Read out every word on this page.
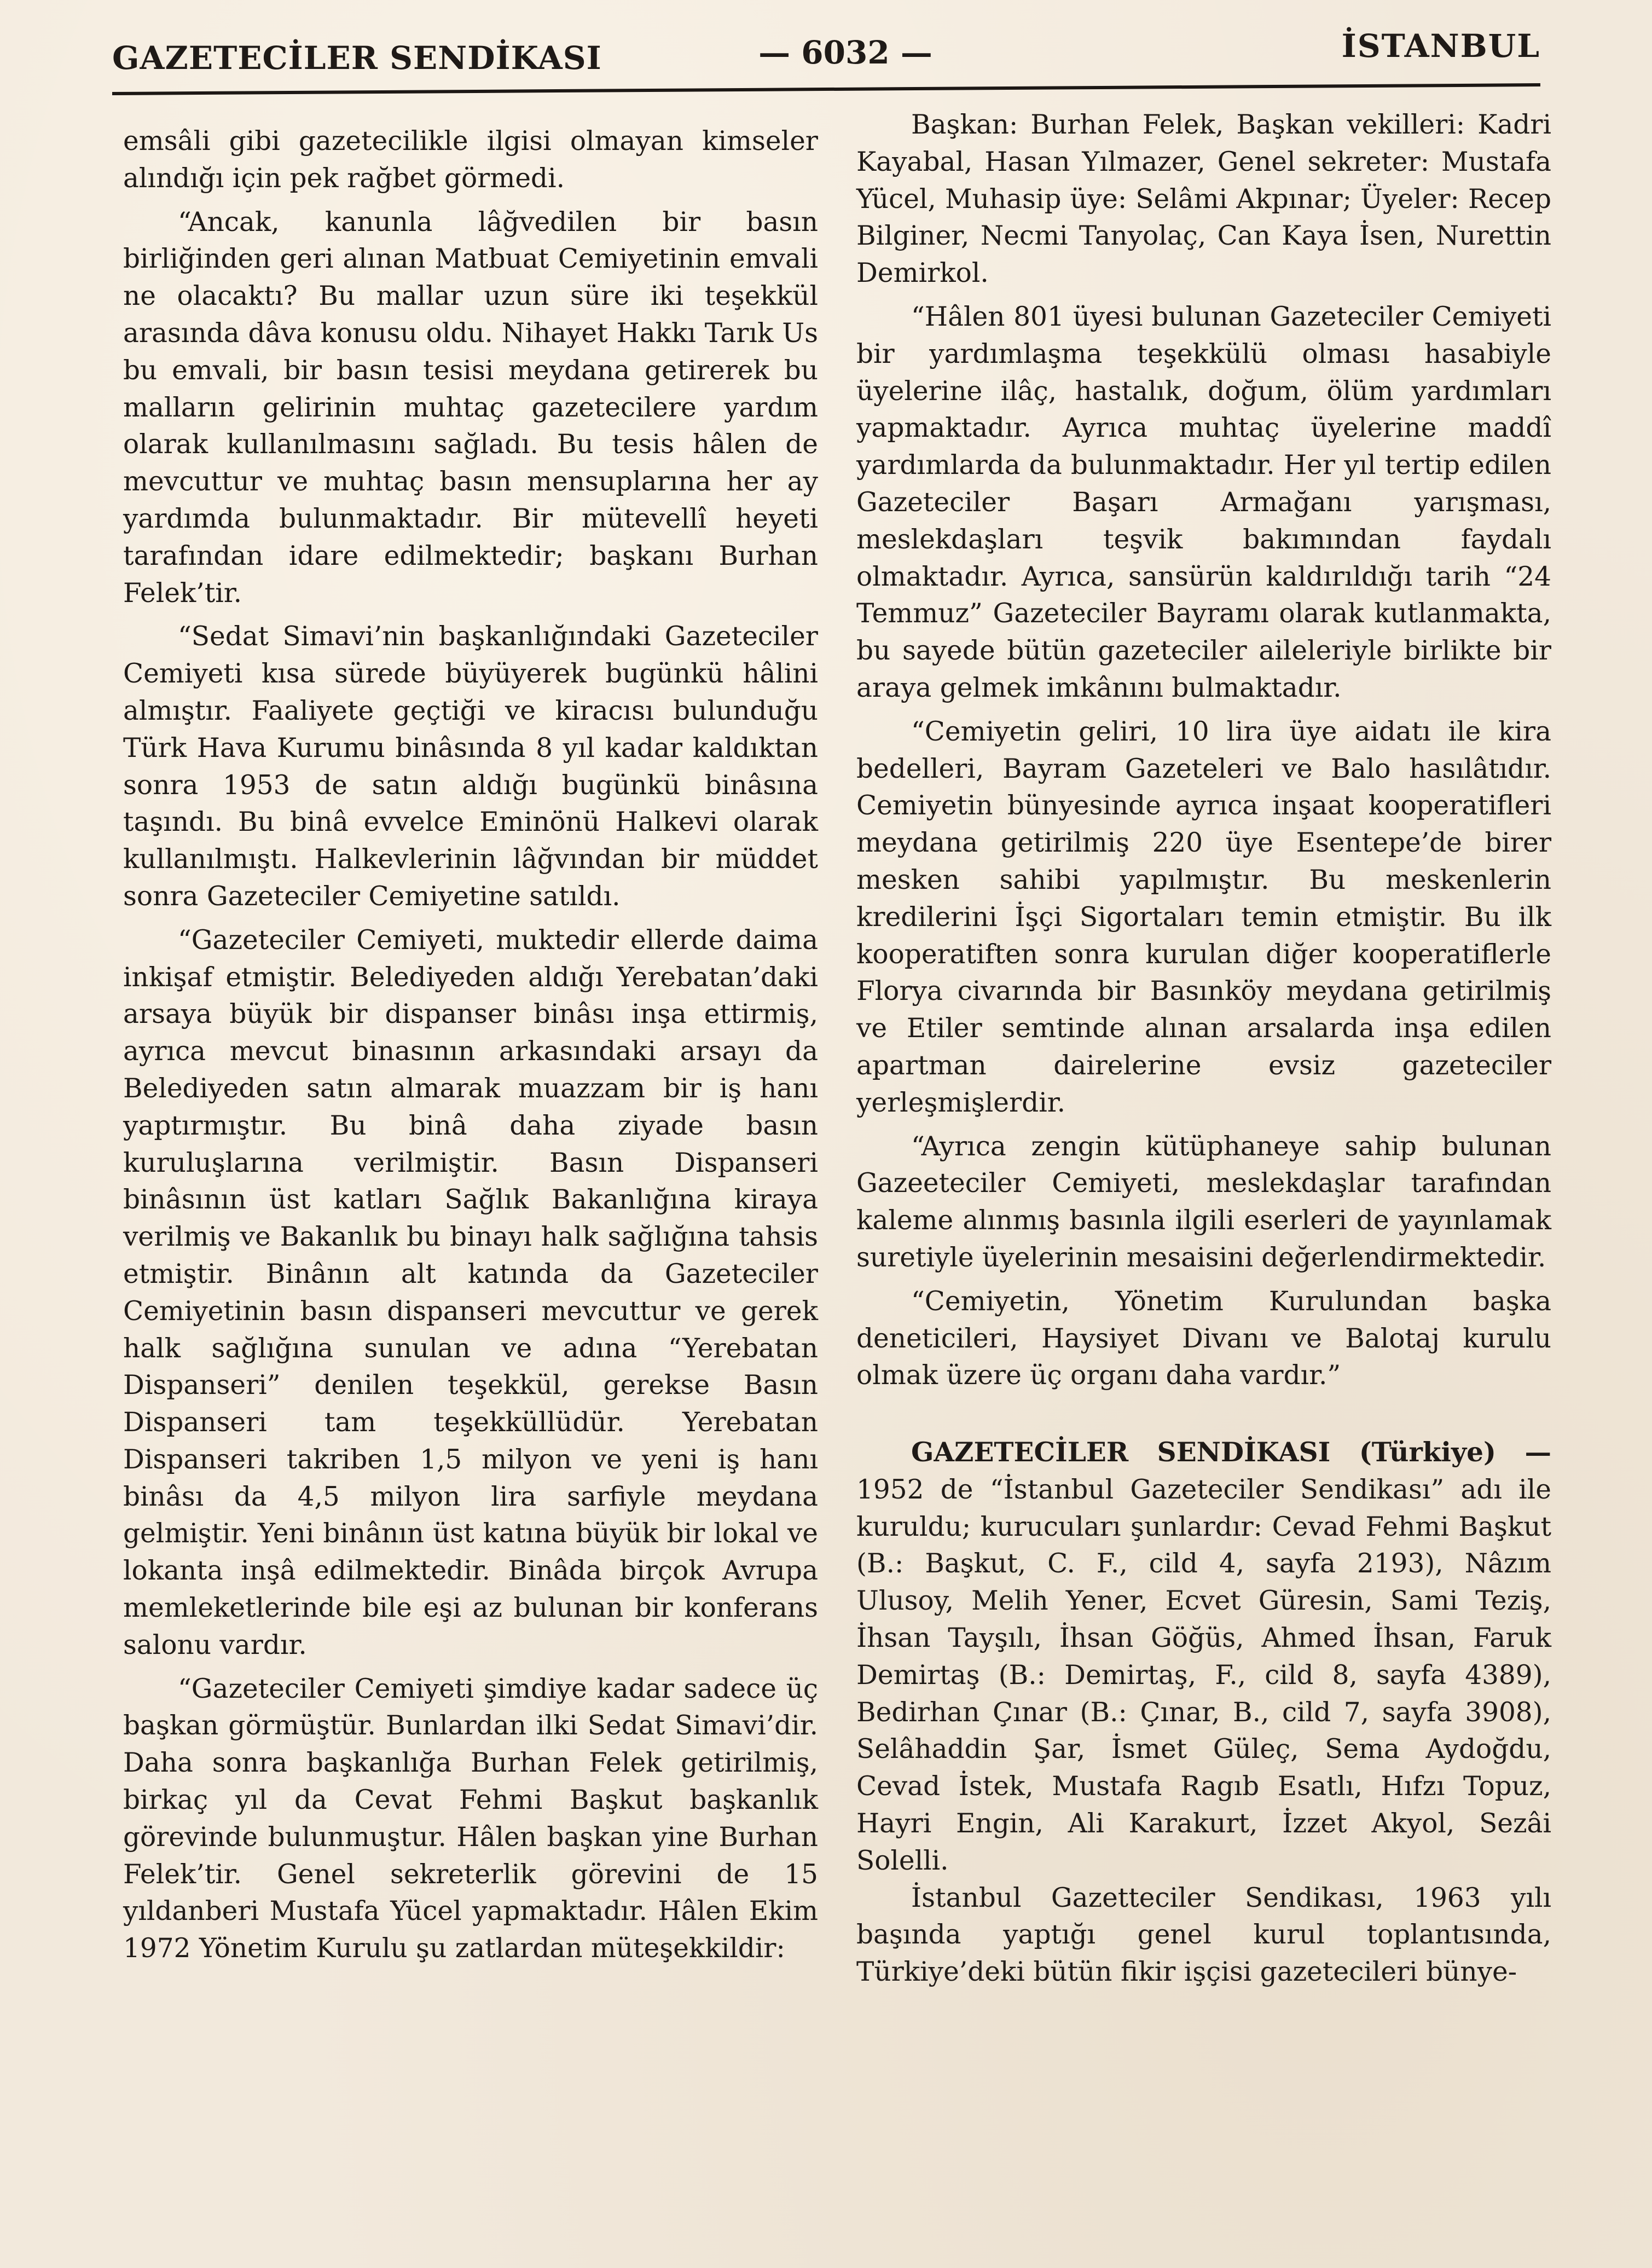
GAZETECİLER SENDİKASI	— 6032 —	İSTANBUL

emsâli gibi gazetecilikle ilgisi olmayan kimseler alındığı için pek rağbet görmedi.

“Ancak, kanunla lâğvedilen bir basın birliğinden geri alınan Matbuat Cemiyetinin emvali ne olacaktı? Bu mallar uzun süre iki teşekkül arasında dâva konusu oldu. Nihayet Hakkı Tarık Us bu emvali, bir basın tesisi meydana getirerek bu malların gelirinin muhtaç gazetecilere yardım olarak kullanılmasını sağladı. Bu tesis hâlen de mevcuttur ve muhtaç basın mensuplarına her ay yardımda bulunmaktadır. Bir mütevellî heyeti tarafından idare edilmektedir; başkanı Burhan Felek’tir.

“Sedat Simavi’nin başkanlığındaki Gazeteciler Cemiyeti kısa sürede büyüyerek bugünkü hâlini almıştır. Faaliyete geçtiği ve kiracısı bulunduğu Türk Hava Kurumu binâsında 8 yıl kadar kaldıktan sonra 1953 de satın aldığı bugünkü binâsına taşındı. Bu binâ evvelce Eminönü Halkevi olarak kullanılmıştı. Halkevlerinin lâğvından bir müddet sonra Gazeteciler Cemiyetine satıldı.

“Gazeteciler Cemiyeti, muktedir ellerde daima inkişaf etmiştir. Belediyeden aldığı Yerebatan’daki arsaya büyük bir dispanser binâsı inşa ettirmiş, ayrıca mevcut binasının arkasındaki arsayı da Belediyeden satın almarak muazzam bir iş hanı yaptırmıştır. Bu binâ daha ziyade basın kuruluşlarına verilmiştir. Basın Dispanseri binâsının üst katları Sağlık Bakanlığına kiraya verilmiş ve Bakanlık bu binayı halk sağlığına tahsis etmiştir. Binânın alt katında da Gazeteciler Cemiyetinin basın dispanseri mevcuttur ve gerek halk sağlığına sunulan ve adına “Yerebatan Dispanseri” denilen teşekkül, gerekse Basın Dispanseri tam teşekküllüdür. Yerebatan Dispanseri takriben 1,5 milyon ve yeni iş hanı binâsı da 4,5 milyon lira sarfiyle meydana gelmiştir. Yeni binânın üst katına büyük bir lokal ve lokanta inşâ edilmektedir. Binâda birçok Avrupa memleketlerinde bile eşi az bulunan bir konferans salonu vardır.

“Gazeteciler Cemiyeti şimdiye kadar sadece üç başkan görmüştür. Bunlardan ilki Sedat Simavi’dir. Daha sonra başkanlığa Burhan Felek getirilmiş, birkaç yıl da Cevat Fehmi Başkut başkanlık görevinde bulunmuştur. Hâlen başkan yine Burhan Felek’tir. Genel sekreterlik görevini de 15 yıldanberi Mustafa Yücel yapmaktadır. Hâlen Ekim 1972 Yönetim Kurulu şu zatlardan müteşekkildir:

Başkan: Burhan Felek, Başkan vekilleri: Kadri Kayabal, Hasan Yılmazer, Genel sekreter: Mustafa Yücel, Muhasip üye: Selâmi Akpınar; Üyeler: Recep Bilginer, Necmi Tanyolaç, Can Kaya İsen, Nurettin Demirkol.

“Hâlen 801 üyesi bulunan Gazeteciler Cemiyeti bir yardımlaşma teşekkülü olması hasabiyle üyelerine ilâç, hastalık, doğum, ölüm yardımları yapmaktadır. Ayrıca muhtaç üyelerine maddî yardımlarda da bulunmaktadır. Her yıl tertip edilen Gazeteciler Başarı Armağanı yarışması, meslekdaşları teşvik bakımından faydalı olmaktadır. Ayrıca, sansürün kaldırıldığı tarih “24 Temmuz” Gazeteciler Bayramı olarak kutlanmakta, bu sayede bütün gazeteciler aileleriyle birlikte bir araya gelmek imkânını bulmaktadır.

“Cemiyetin geliri, 10 lira üye aidatı ile kira bedelleri, Bayram Gazeteleri ve Balo hasılâtıdır. Cemiyetin bünyesinde ayrıca inşaat kooperatifleri meydana getirilmiş 220 üye Esentepe’de birer mesken sahibi yapılmıştır. Bu meskenlerin kredilerini İşçi Sigortaları temin etmiştir. Bu ilk kooperatiften sonra kurulan diğer kooperatiflerle Florya civarında bir Basınköy meydana getirilmiş ve Etiler semtinde alınan arsalarda inşa edilen apartman dairelerine evsiz gazeteciler yerleşmişlerdir.

“Ayrıca zengin kütüphaneye sahip bulunan Gazeeteciler Cemiyeti, meslekdaşlar tarafından kaleme alınmış basınla ilgili eserleri de yayınlamak suretiyle üyelerinin mesaisini değerlendirmektedir.

“Cemiyetin, Yönetim Kurulundan başka deneticileri, Haysiyet Divanı ve Balotaj kurulu olmak üzere üç organı daha vardır.”

GAZETECİLER SENDİKASI (Türkiye) — 1952 de “İstanbul Gazeteciler Sendikası” adı ile kuruldu; kurucuları şunlardır: Cevad Fehmi Başkut (B.: Başkut, C. F., cild 4, sayfa 2193), Nâzım Ulusoy, Melih Yener, Ecvet Güresin, Sami Teziş, İhsan Tayşılı, İhsan Göğüs, Ahmed İhsan, Faruk Demirtaş (B.: Demirtaş, F., cild 8, sayfa 4389), Bedirhan Çınar (B.: Çınar, B., cild 7, sayfa 3908), Selâhaddin Şar, İsmet Güleç, Sema Aydoğdu, Cevad İstek, Mustafa Ragıb Esatlı, Hıfzı Topuz, Hayri Engin, Ali Karakurt, İzzet Akyol, Sezâi Solelli.

İstanbul Gazetteciler Sendikası, 1963 yılı başında yaptığı genel kurul toplantısında, Türkiye’deki bütün fikir işçisi gazetecileri bünye-
